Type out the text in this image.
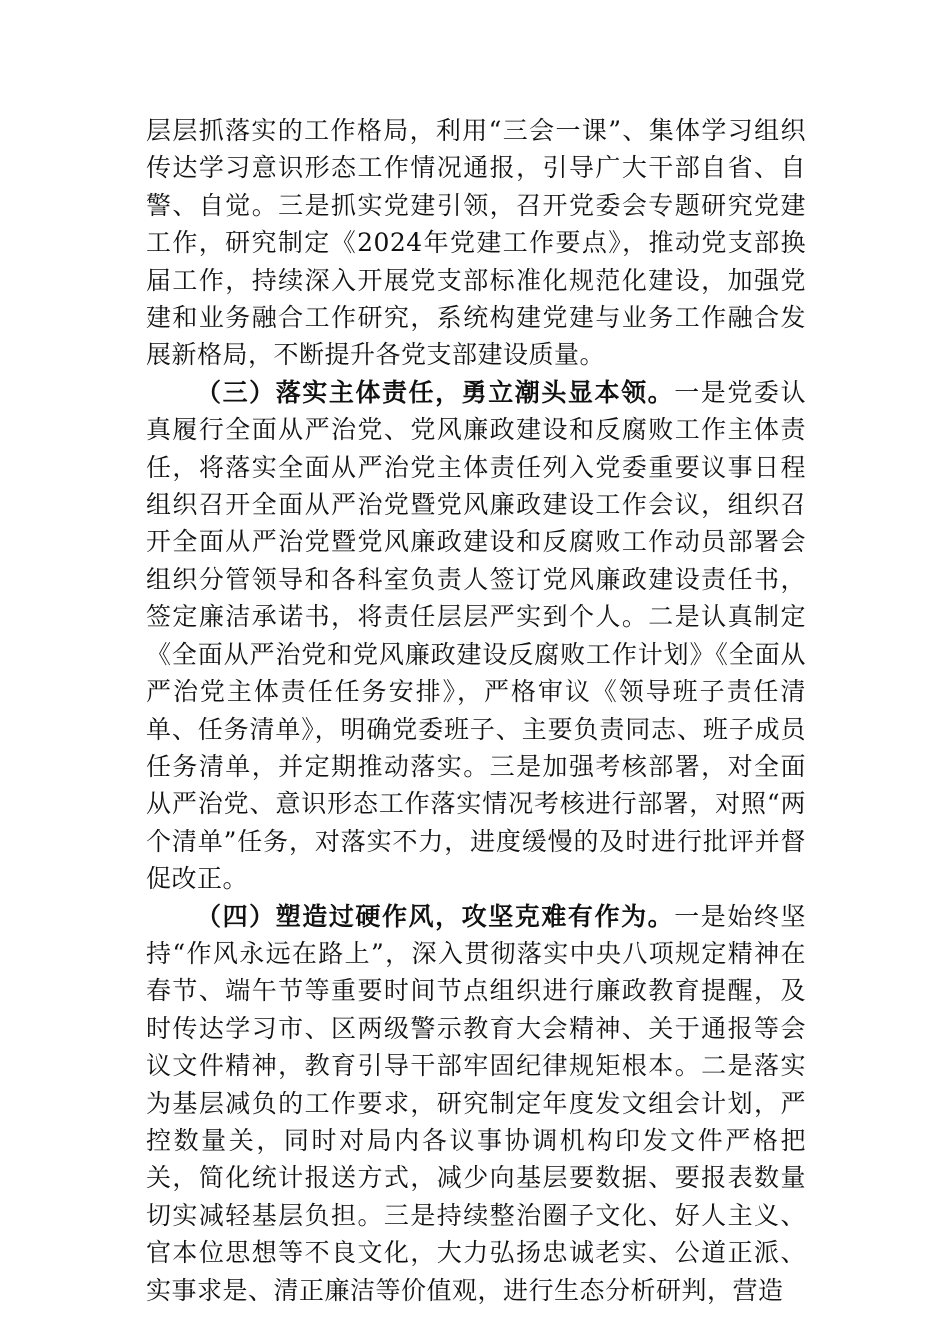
层层抓落实的工作格局，利用“三会一课”、集体学习组织传达学习意识形态工作情况通报，引导广大干部自省、自警、自觉。三是抓实党建引领，召开党委会专题研究党建工作，研究制定《2024年党建工作要点》，推动党支部换届工作，持续深入开展党支部标准化规范化建设，加强党建和业务融合工作研究，系统构建党建与业务工作融合发展新格局，不断提升各党支部建设质量。

（三）落实主体责任，勇立潮头显本领。一是党委认真履行全面从严治党、党风廉政建设和反腐败工作主体责任，将落实全面从严治党主体责任列入党委重要议事日程组织召开全面从严治党暨党风廉政建设工作会议，组织召开全面从严治党暨党风廉政建设和反腐败工作动员部署会组织分管领导和各科室负责人签订党风廉政建设责任书，签定廉洁承诺书，将责任层层严实到个人。二是认真制定《全面从严治党和党风廉政建设反腐败工作计划》《全面从严治党主体责任任务安排》，严格审议《领导班子责任清单、任务清单》，明确党委班子、主要负责同志、班子成员任务清单，并定期推动落实。三是加强考核部署，对全面从严治党、意识形态工作落实情况考核进行部署，对照“两个清单”任务，对落实不力，进度缓慢的及时进行批评并督促改正。

（四）塑造过硬作风，攻坚克难有作为。一是始终坚持“作风永远在路上”，深入贯彻落实中央八项规定精神在春节、端午节等重要时间节点组织进行廉政教育提醒，及时传达学习市、区两级警示教育大会精神、关于通报等会议文件精神，教育引导干部牢固纪律规矩根本。二是落实为基层减负的工作要求，研究制定年度发文组会计划，严控数量关，同时对局内各议事协调机构印发文件严格把关，简化统计报送方式，减少向基层要数据、要报表数量切实减轻基层负担。三是持续整治圈子文化、好人主义、官本位思想等不良文化，大力弘扬忠诚老实、公道正派、实事求是、清正廉洁等价值观，进行生态分析研判，营造
